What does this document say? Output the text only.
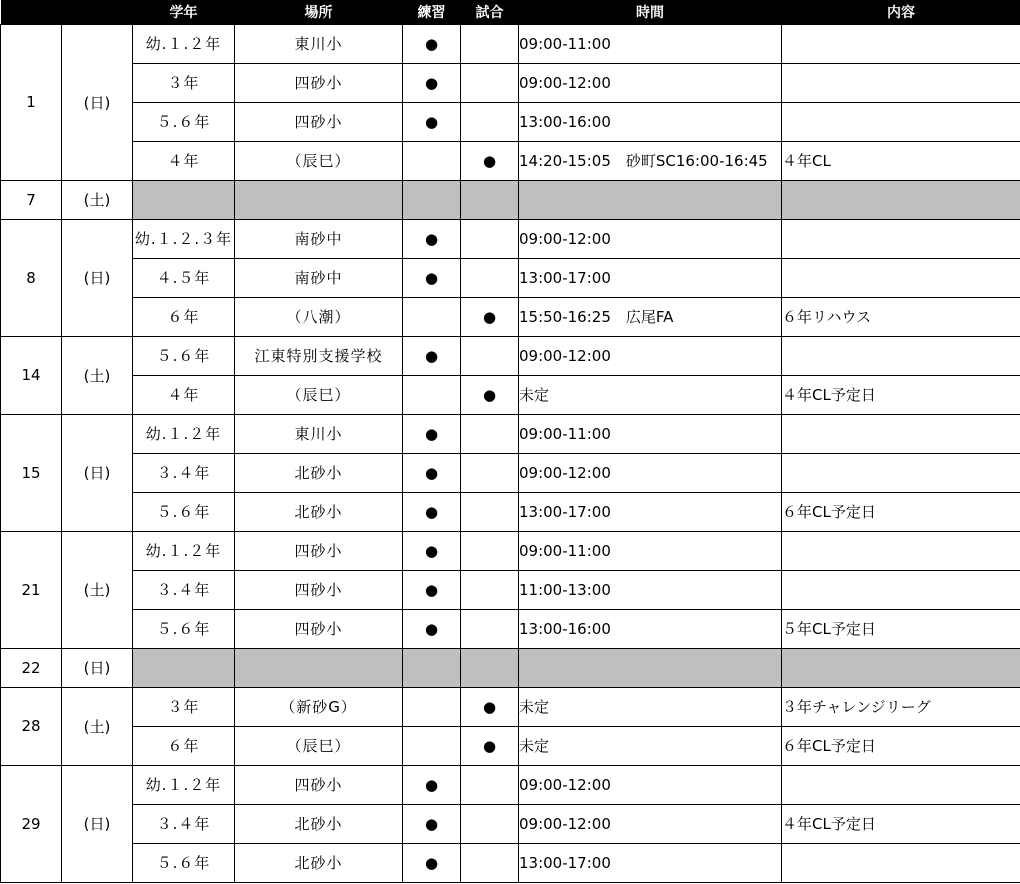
		学年	場所	練習	試合	時間	内容
1	(日)	幼.１.２年	東川小	●		09:00-11:00	
		３年	四砂小	●		09:00-12:00	
		５.６年	四砂小	●		13:00-16:00	
		４年	（辰巳）		●	14:20-15:05　砂町SC16:00-16:45	４年CL
7	(土)						
8	(日)	幼.１.２.３年	南砂中	●		09:00-12:00	
		４.５年	南砂中	●		13:00-17:00	
		６年	（八潮）		●	15:50-16:25　広尾FA	６年リハウス
14	(土)	５.６年	江東特別支援学校	●		09:00-12:00	
		４年	（辰巳）		●	未定	４年CL予定日
15	(日)	幼.１.２年	東川小	●		09:00-11:00	
		３.４年	北砂小	●		09:00-12:00	
		５.６年	北砂小	●		13:00-17:00	６年CL予定日
21	(土)	幼.１.２年	四砂小	●		09:00-11:00	
		３.４年	四砂小	●		11:00-13:00	
		５.６年	四砂小	●		13:00-16:00	５年CL予定日
22	(日)						
28	(土)	３年	（新砂G）		●	未定	３年チャレンジリーグ
		６年	（辰巳）		●	未定	６年CL予定日
29	(日)	幼.１.２年	四砂小	●		09:00-12:00	
		３.４年	北砂小	●		09:00-12:00	４年CL予定日
		５.６年	北砂小	●		13:00-17:00	
